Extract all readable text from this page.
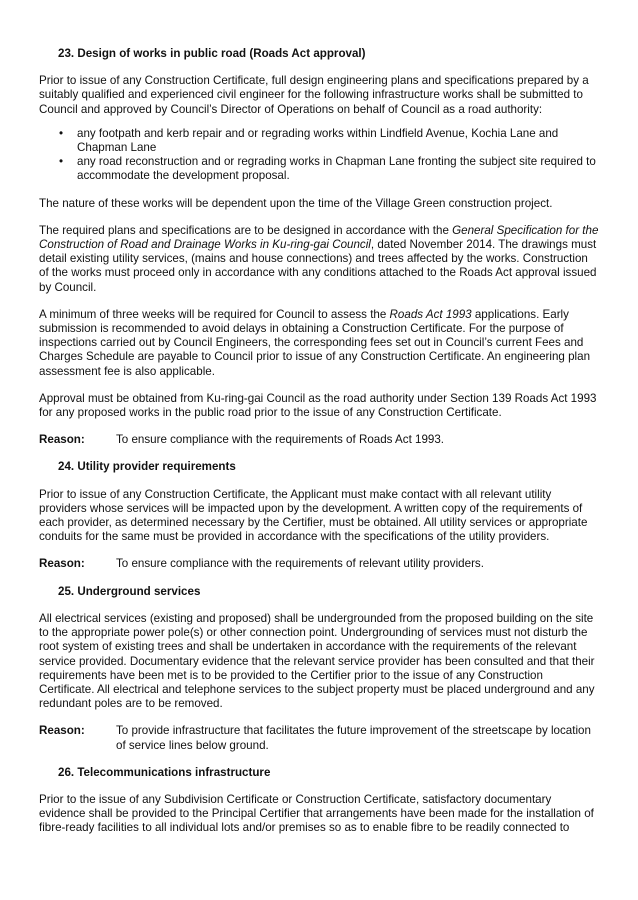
23. Design of works in public road (Roads Act approval)

Prior to issue of any Construction Certificate, full design engineering plans and specifications prepared by a suitably qualified and experienced civil engineer for the following infrastructure works shall be submitted to Council and approved by Council’s Director of Operations on behalf of Council as a road authority:

• any footpath and kerb repair and or regrading works within Lindfield Avenue, Kochia Lane and Chapman Lane
• any road reconstruction and or regrading works in Chapman Lane fronting the subject site required to accommodate the development proposal.

The nature of these works will be dependent upon the time of the Village Green construction project.

The required plans and specifications are to be designed in accordance with the General Specification for the Construction of Road and Drainage Works in Ku-ring-gai Council, dated November 2014. The drawings must detail existing utility services, (mains and house connections) and trees affected by the works. Construction of the works must proceed only in accordance with any conditions attached to the Roads Act approval issued by Council.

A minimum of three weeks will be required for Council to assess the Roads Act 1993 applications. Early submission is recommended to avoid delays in obtaining a Construction Certificate. For the purpose of inspections carried out by Council Engineers, the corresponding fees set out in Council’s current Fees and Charges Schedule are payable to Council prior to issue of any Construction Certificate. An engineering plan assessment fee is also applicable.

Approval must be obtained from Ku-ring-gai Council as the road authority under Section 139 Roads Act 1993 for any proposed works in the public road prior to the issue of any Construction Certificate.

Reason:	To ensure compliance with the requirements of Roads Act 1993.
24. Utility provider requirements

Prior to issue of any Construction Certificate, the Applicant must make contact with all relevant utility providers whose services will be impacted upon by the development. A written copy of the requirements of each provider, as determined necessary by the Certifier, must be obtained. All utility services or appropriate conduits for the same must be provided in accordance with the specifications of the utility providers.

Reason:	To ensure compliance with the requirements of relevant utility providers.
25. Underground services

All electrical services (existing and proposed) shall be undergrounded from the proposed building on the site to the appropriate power pole(s) or other connection point. Undergrounding of services must not disturb the root system of existing trees and shall be undertaken in accordance with the requirements of the relevant service provided. Documentary evidence that the relevant service provider has been consulted and that their requirements have been met is to be provided to the Certifier prior to the issue of any Construction Certificate. All electrical and telephone services to the subject property must be placed underground and any redundant poles are to be removed.

Reason:	To provide infrastructure that facilitates the future improvement of the streetscape by location of service lines below ground.
26. Telecommunications infrastructure

Prior to the issue of any Subdivision Certificate or Construction Certificate, satisfactory documentary evidence shall be provided to the Principal Certifier that arrangements have been made for the installation of fibre-ready facilities to all individual lots and/or premises so as to enable fibre to be readily connected to
